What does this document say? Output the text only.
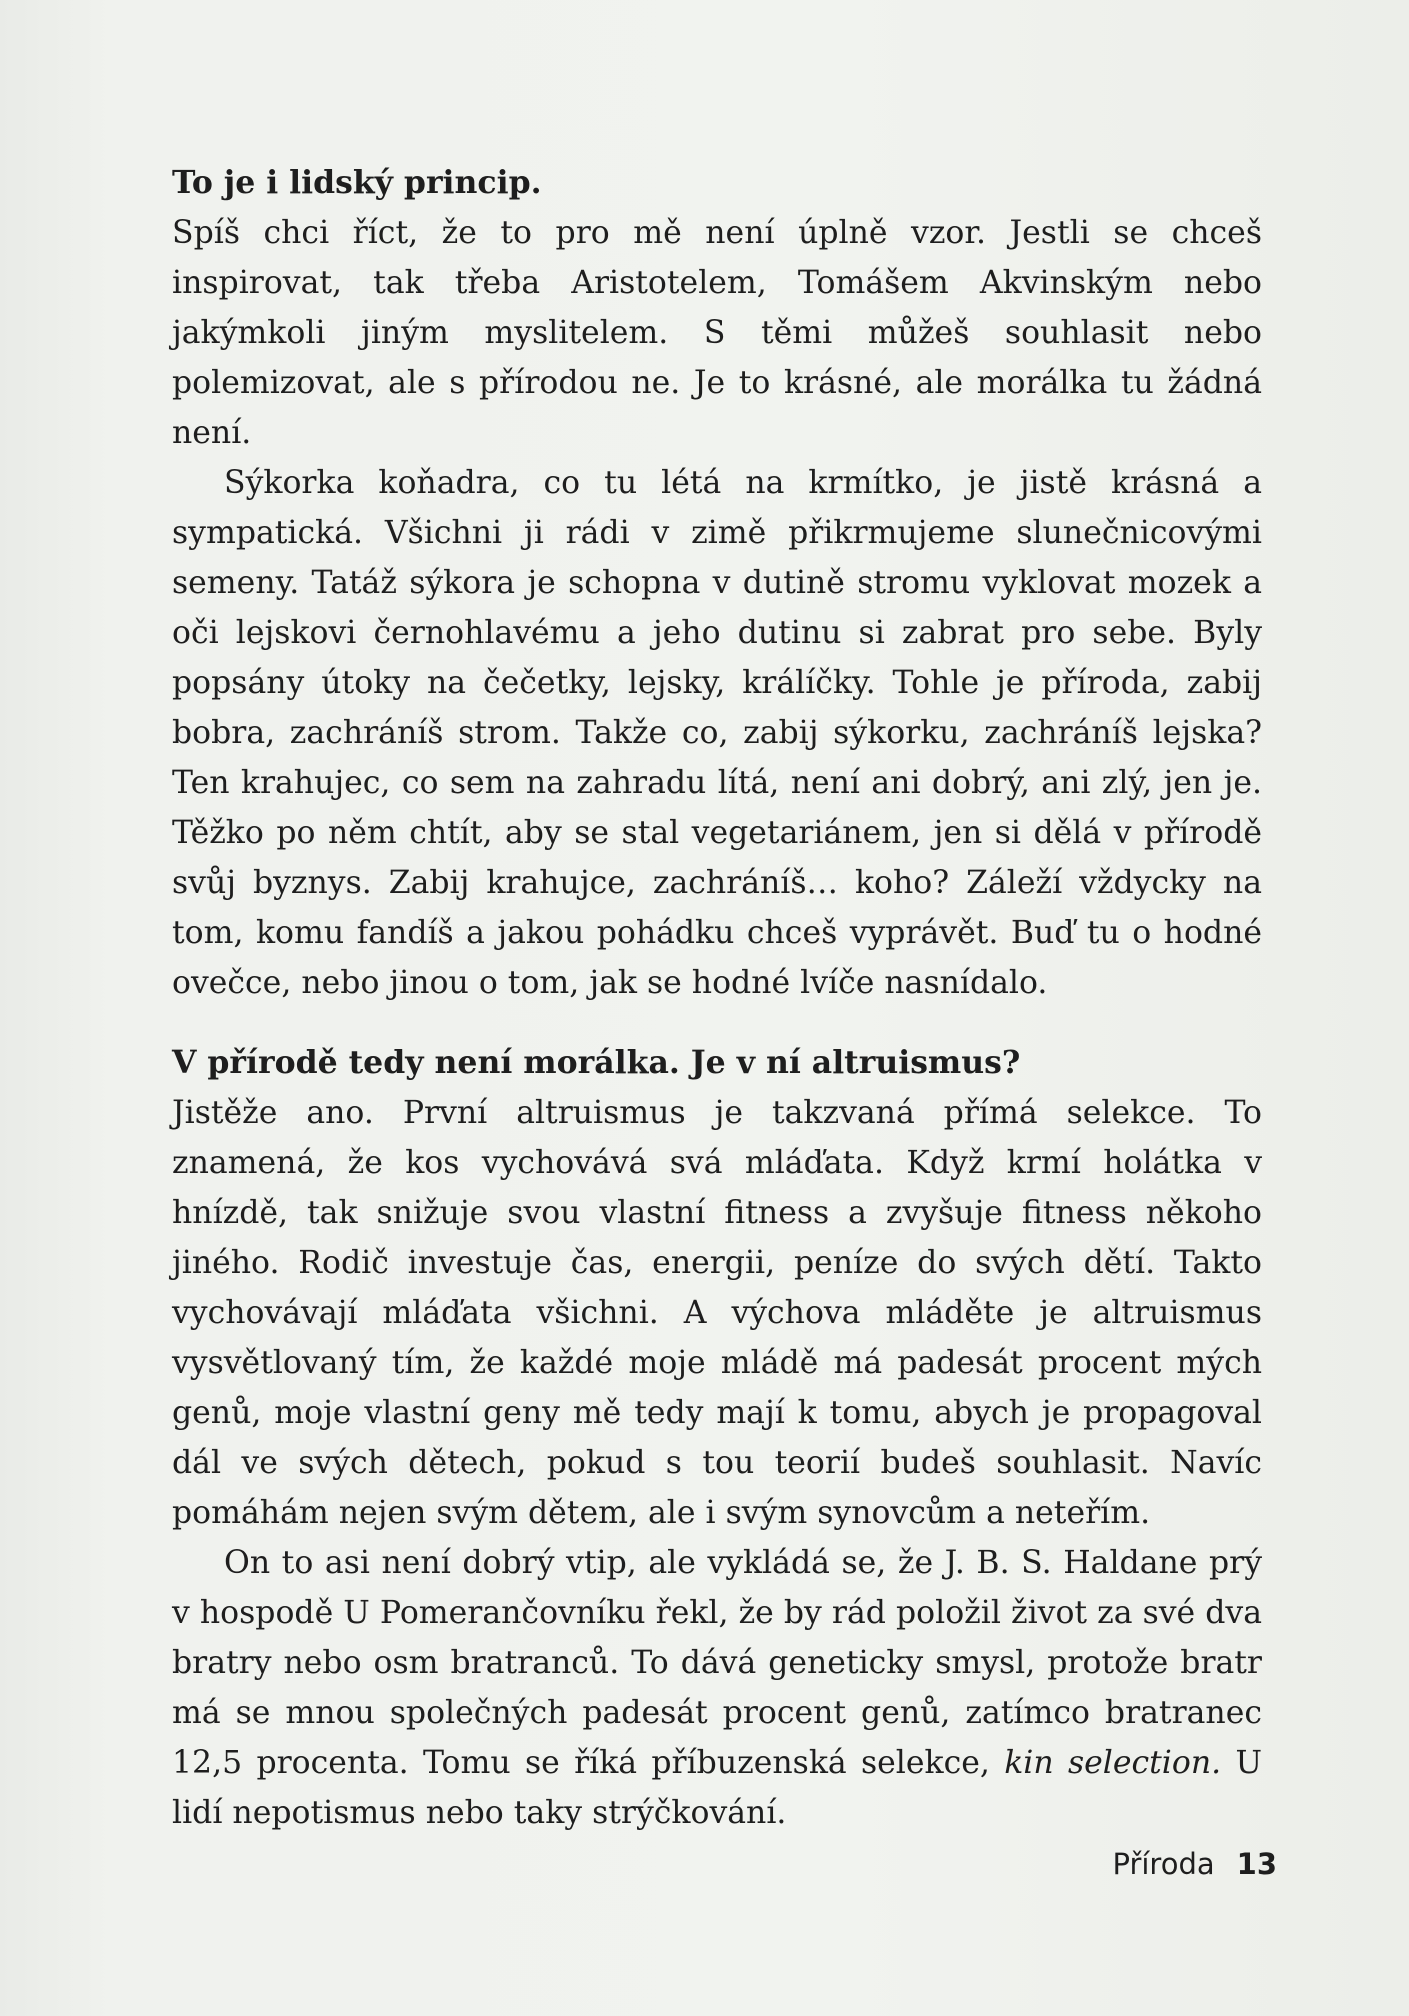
To je i lidský princip.

Spíš chci říct, že to pro mě není úplně vzor. Jestli se chceš inspirovat, tak třeba Aristotelem, Tomášem Akvinským nebo jakýmkoli jiným myslitelem. S těmi můžeš souhlasit nebo polemizovat, ale s přírodou ne. Je to krásné, ale morálka tu žádná není.

Sýkorka koňadra, co tu létá na krmítko, je jistě krásná a sympatická. Všichni ji rádi v zimě přikrmujeme slunečnicovými semeny. Tatáž sýkora je schopna v dutině stromu vyklovat mozek a oči lejskovi černohlavému a jeho dutinu si zabrat pro sebe. Byly popsány útoky na čečetky, lejsky, králíčky. Tohle je příroda, zabij bobra, zachráníš strom. Takže co, zabij sýkorku, zachráníš lejska? Ten krahujec, co sem na zahradu lítá, není ani dobrý, ani zlý, jen je. Těžko po něm chtít, aby se stal vegetariánem, jen si dělá v přírodě svůj byznys. Zabij krahujce, zachráníš… koho? Záleží vždycky na tom, komu fandíš a jakou pohádku chceš vyprávět. Buď tu o hodné ovečce, nebo jinou o tom, jak se hodné lvíče nasnídalo.

V přírodě tedy není morálka. Je v ní altruismus?

Jistěže ano. První altruismus je takzvaná přímá selekce. To znamená, že kos vychovává svá mláďata. Když krmí holátka v hnízdě, tak snižuje svou vlastní fitness a zvyšuje fitness někoho jiného. Rodič investuje čas, energii, peníze do svých dětí. Takto vychovávají mláďata všichni. A výchova mláděte je altruismus vysvětlovaný tím, že každé moje mládě má padesát procent mých genů, moje vlastní geny mě tedy mají k tomu, abych je propagoval dál ve svých dětech, pokud s tou teorií budeš souhlasit. Navíc pomáhám nejen svým dětem, ale i svým synovcům a neteřím.

On to asi není dobrý vtip, ale vykládá se, že J. B. S. Haldane prý v hospodě U Pomerančovníku řekl, že by rád položil život za své dva bratry nebo osm bratranců. To dává geneticky smysl, protože bratr má se mnou společných padesát procent genů, zatímco bratranec 12,5 procenta. Tomu se říká příbuzenská selekce, kin selection. U lidí nepotismus nebo taky strýčkování.

Příroda 13
